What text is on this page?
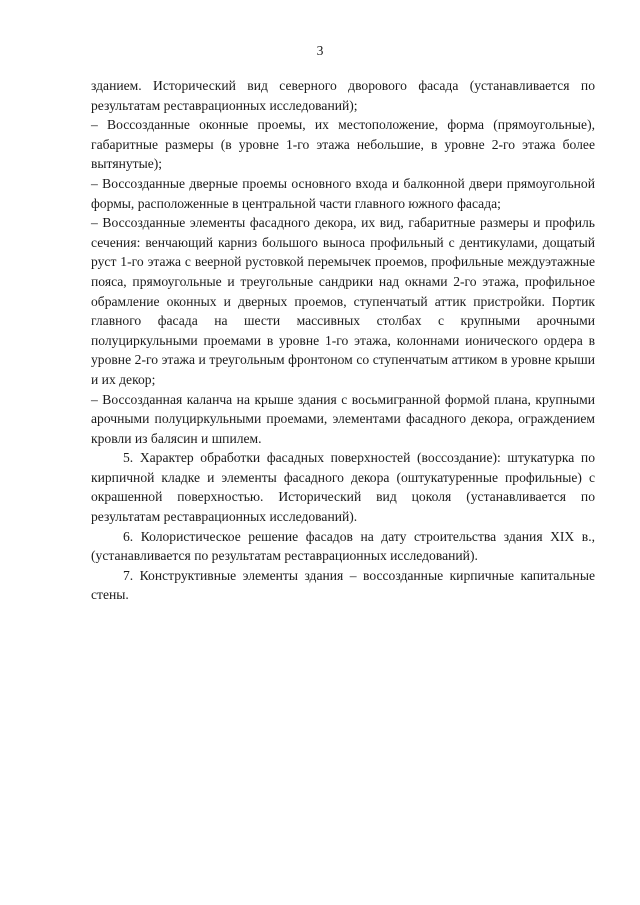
3

зданием. Исторический вид северного дворового фасада (устанавливается по результатам реставрационных исследований);

– Воссозданные оконные проемы, их местоположение, форма (прямоугольные), габаритные размеры (в уровне 1-го этажа небольшие, в уровне 2-го этажа более вытянутые);

– Воссозданные дверные проемы основного входа и балконной двери прямоугольной формы, расположенные в центральной части главного южного фасада;

– Воссозданные элементы фасадного декора, их вид, габаритные размеры и профиль сечения: венчающий карниз большого выноса профильный с дентикулами, дощатый руст 1-го этажа с веерной рустовкой перемычек проемов, профильные междуэтажные пояса, прямоугольные и треугольные сандрики над окнами 2-го этажа, профильное обрамление оконных и дверных проемов, ступенчатый аттик пристройки. Портик главного фасада на шести массивных столбах с крупными арочными полуциркульными проемами в уровне 1-го этажа, колоннами ионического ордера в уровне 2-го этажа и треугольным фронтоном со ступенчатым аттиком в уровне крыши и их декор;

– Воссозданная каланча на крыше здания с восьмигранной формой плана, крупными арочными полуциркульными проемами, элементами фасадного декора, ограждением кровли из балясин и шпилем.

5. Характер обработки фасадных поверхностей (воссоздание): штукатурка по кирпичной кладке и элементы фасадного декора (оштукатуренные профильные) с окрашенной поверхностью. Исторический вид цоколя (устанавливается по результатам реставрационных исследований).

6. Колористическое решение фасадов на дату строительства здания XIX в., (устанавливается по результатам реставрационных исследований).

7. Конструктивные элементы здания – воссозданные кирпичные капитальные стены.
